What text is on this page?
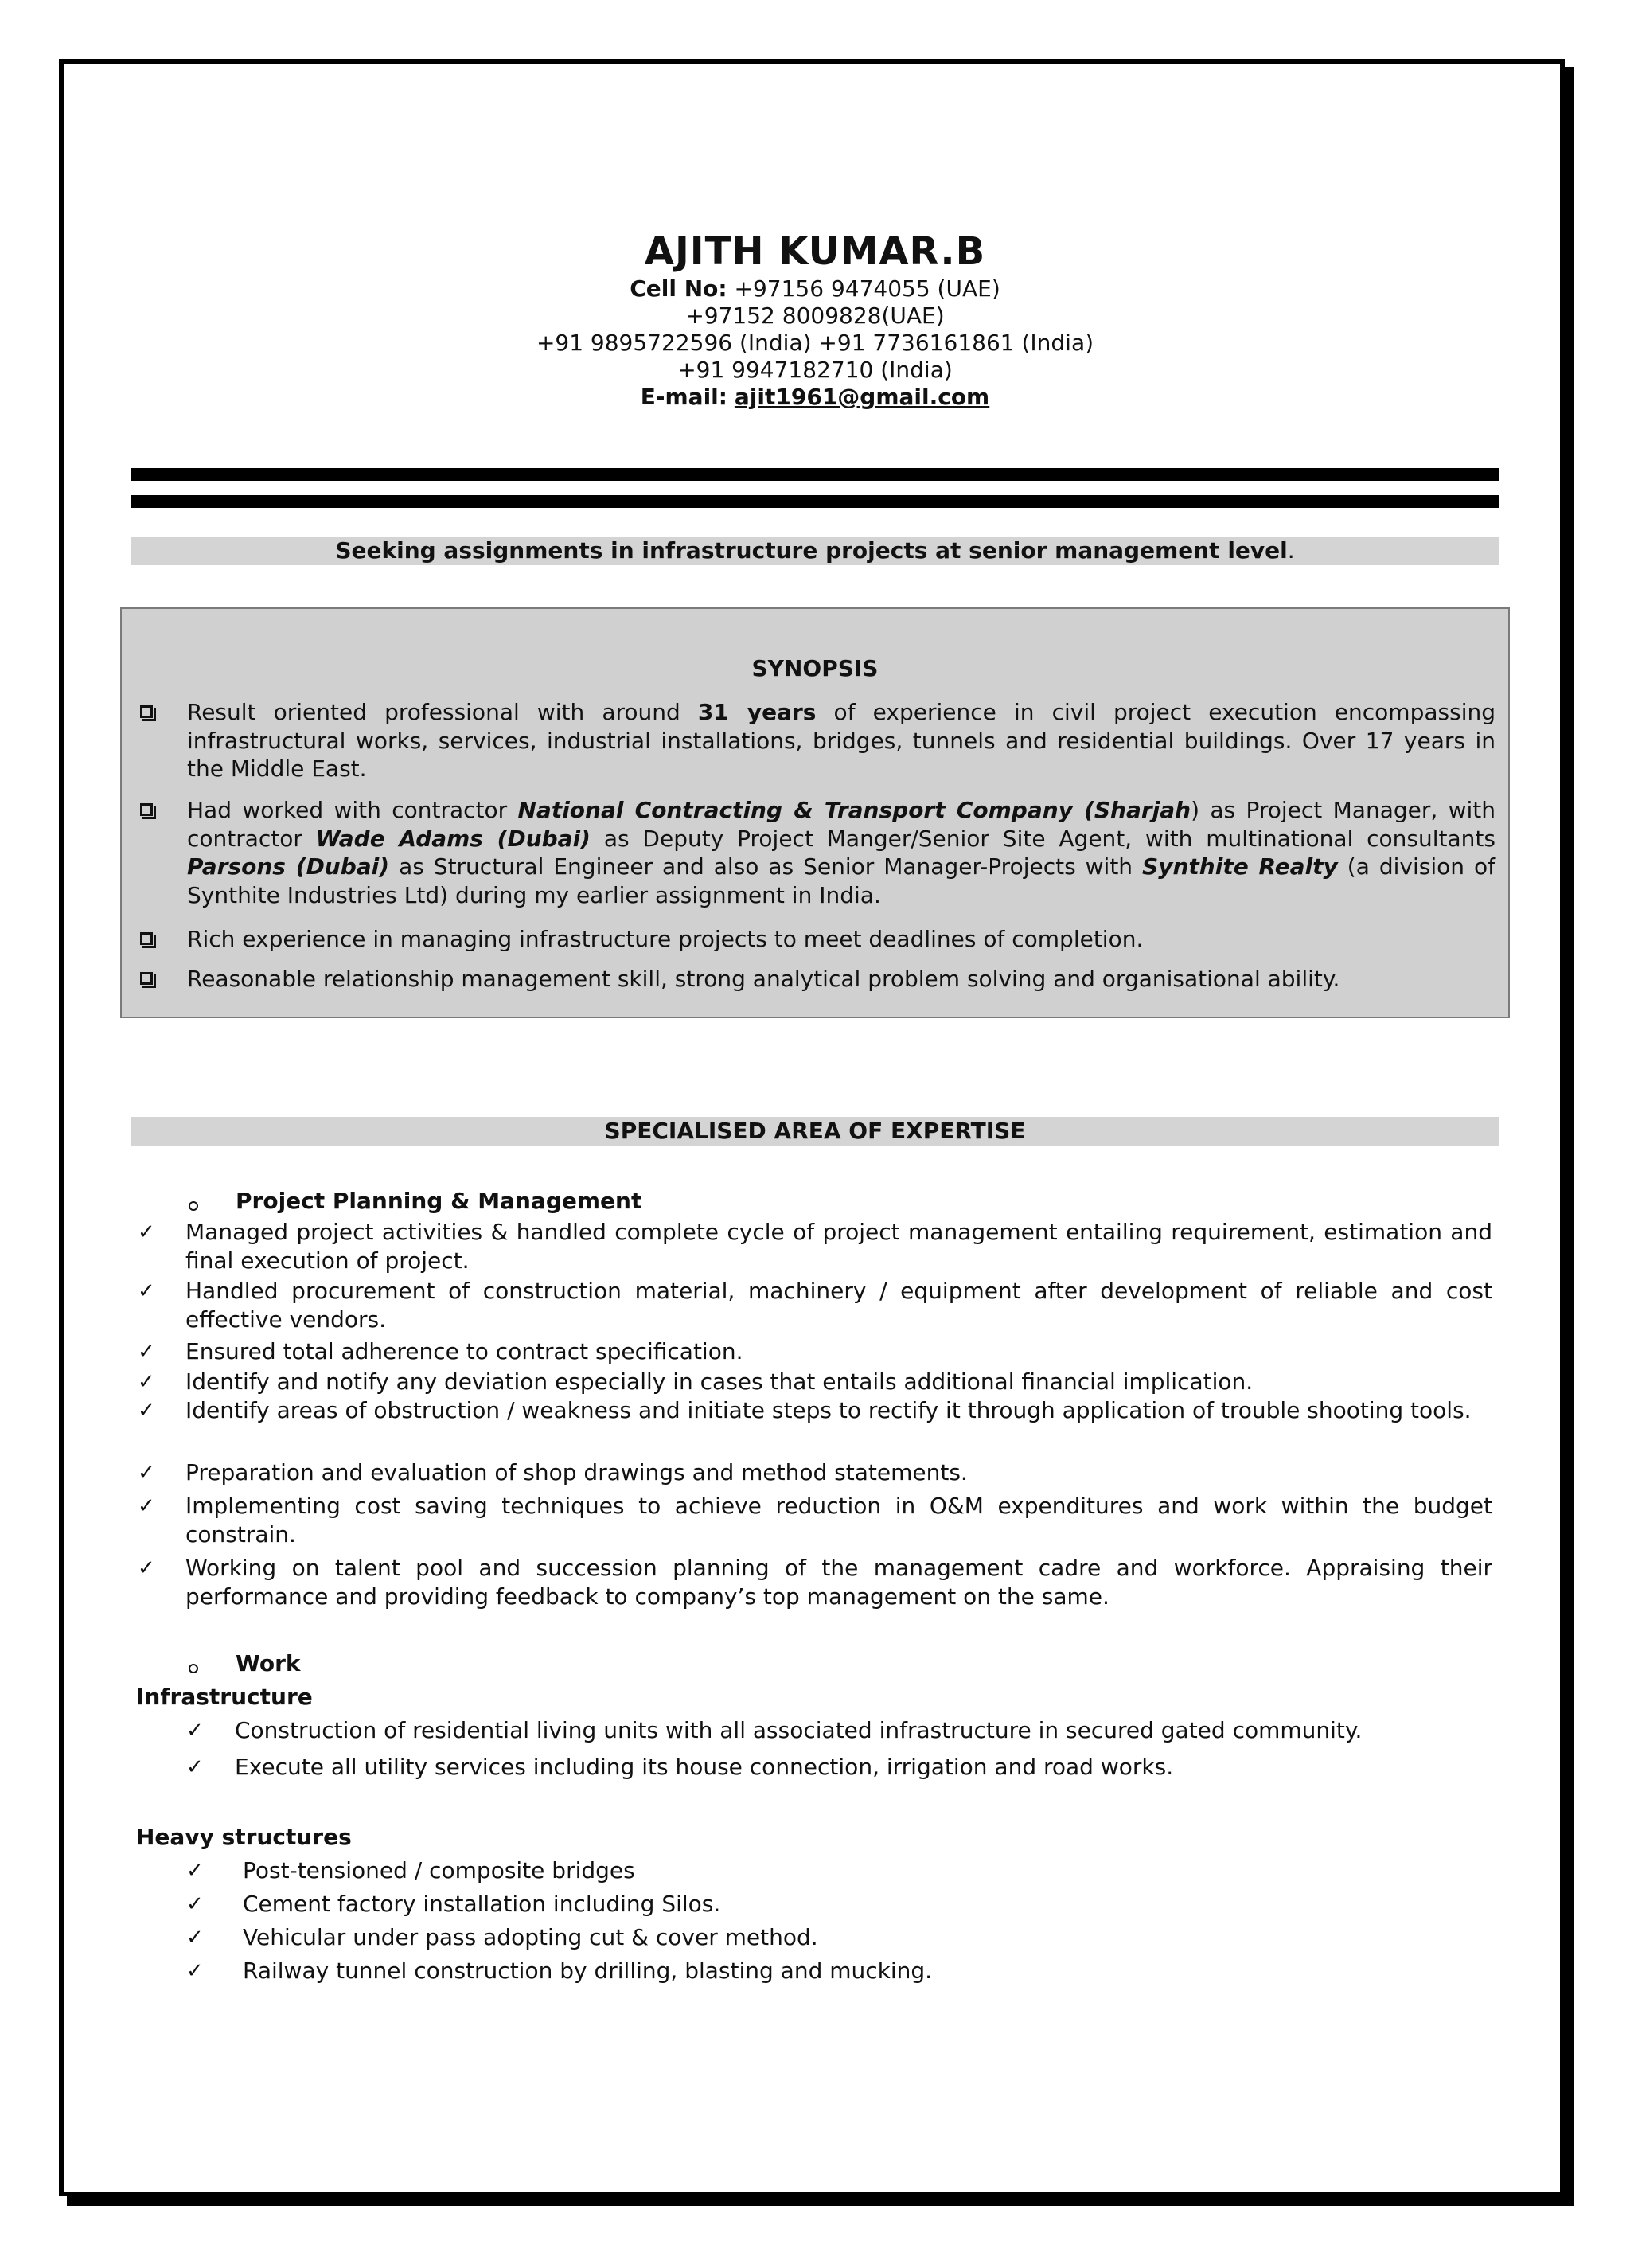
AJITH KUMAR.B
Cell No: +97156 9474055 (UAE)
+97152 8009828(UAE)
+91 9895722596 (India) +91 7736161861 (India)
+91 9947182710 (India)
E-mail: ajit1961@gmail.com
Seeking assignments in infrastructure projects at senior management level.
SYNOPSIS
Result oriented professional with around 31 years of experience in civil project execution encompassing infrastructural works, services, industrial installations, bridges, tunnels and residential buildings. Over 17 years in the Middle East.
Had worked with contractor National Contracting & Transport Company (Sharjah) as Project Manager, with contractor Wade Adams (Dubai) as Deputy Project Manger/Senior Site Agent, with multinational consultants Parsons (Dubai) as Structural Engineer and also as Senior Manager-Projects with Synthite Realty (a division of Synthite Industries Ltd) during my earlier assignment in India.
Rich experience in managing infrastructure projects to meet deadlines of completion.
Reasonable relationship management skill, strong analytical problem solving and organisational ability.
SPECIALISED AREA OF EXPERTISE
Project Planning & Management
✓ Managed project activities & handled complete cycle of project management entailing requirement, estimation and final execution of project.
✓ Handled procurement of construction material, machinery / equipment after development of reliable and cost effective vendors.
✓ Ensured total adherence to contract specification.
✓ Identify and notify any deviation especially in cases that entails additional financial implication.
✓ Identify areas of obstruction / weakness and initiate steps to rectify it through application of trouble shooting tools.
✓ Preparation and evaluation of shop drawings and method statements.
✓ Implementing cost saving techniques to achieve reduction in O&M expenditures and work within the budget constrain.
✓ Working on talent pool and succession planning of the management cadre and workforce. Appraising their performance and providing feedback to company’s top management on the same.
Work
Infrastructure
✓ Construction of residential living units with all associated infrastructure in secured gated community.
✓ Execute all utility services including its house connection, irrigation and road works.
Heavy structures
✓ Post-tensioned / composite bridges
✓ Cement factory installation including Silos.
✓ Vehicular under pass adopting cut & cover method.
✓ Railway tunnel construction by drilling, blasting and mucking.
